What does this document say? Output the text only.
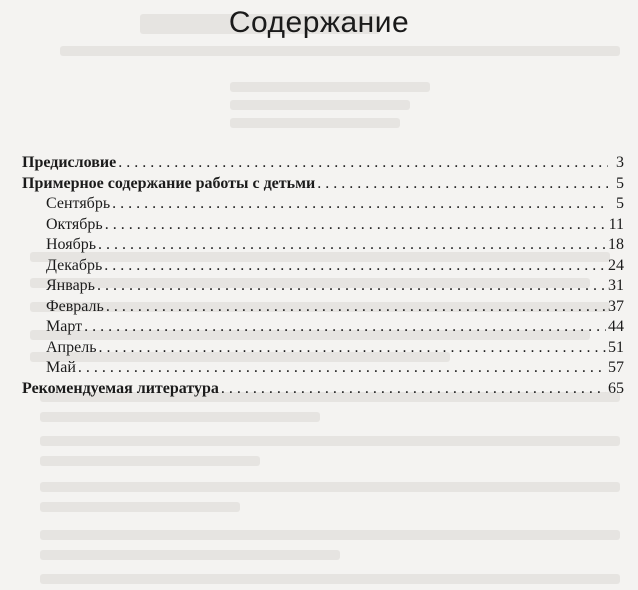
Содержание
Предисловие . . .	3
Примерное содержание работы с детьми . . .	5
Сентябрь . . .	5
Октябрь . . .	11
Ноябрь . . .	18
Декабрь . . .	24
Январь . . .	31
Февраль . . .	37
Март . . .	44
Апрель . . .	51
Май . . .	57
Рекомендуемая литература . . .	65
